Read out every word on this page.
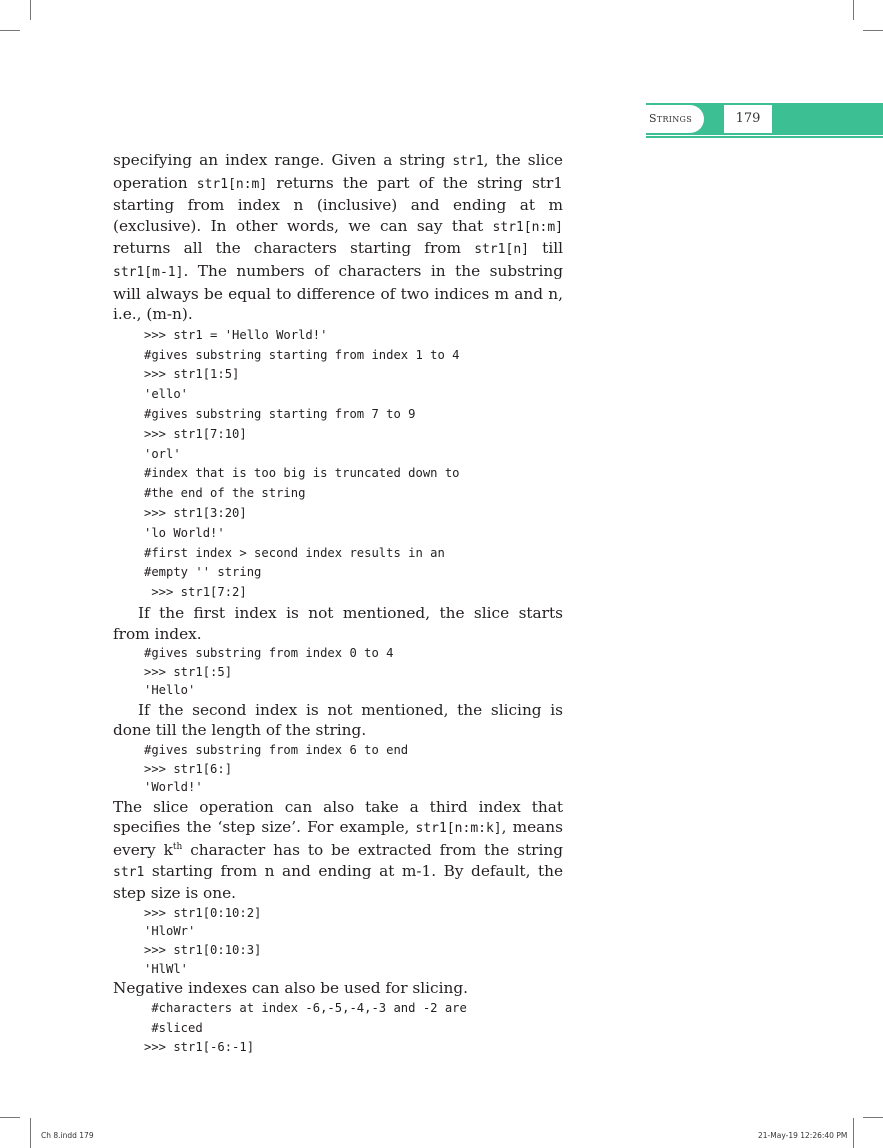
Strings	179

specifying an index range. Given a string str1, the slice operation str1[n:m] returns the part of the string str1 starting from index n (inclusive) and ending at m (exclusive). In other words, we can say that str1[n:m] returns all the characters starting from str1[n] till str1[m-1]. The numbers of characters in the substring will always be equal to difference of two indices m and n, i.e., (m-n).

>>> str1 = 'Hello World!'
#gives substring starting from index 1 to 4
>>> str1[1:5]
'ello'
#gives substring starting from 7 to 9
>>> str1[7:10]
'orl'
#index that is too big is truncated down to
#the end of the string
>>> str1[3:20]
'lo World!'
#first index > second index results in an
#empty '' string
>>> str1[7:2]

If the first index is not mentioned, the slice starts from index.

#gives substring from index 0 to 4
>>> str1[:5]
'Hello'

If the second index is not mentioned, the slicing is done till the length of the string.

#gives substring from index 6 to end
>>> str1[6:]
'World!'

The slice operation can also take a third index that specifies the ‘step size’. For example, str1[n:m:k], means every $k^{th}$ character has to be extracted from the string str1 starting from n and ending at m-1. By default, the step size is one.

>>> str1[0:10:2]
'HloWr'
>>> str1[0:10:3]
'HlWl'

Negative indexes can also be used for slicing.

#characters at index -6,-5,-4,-3 and -2 are
#sliced
>>> str1[-6:-1]
Ch 8.indd 179	21-May-19 12:26:40 PM
